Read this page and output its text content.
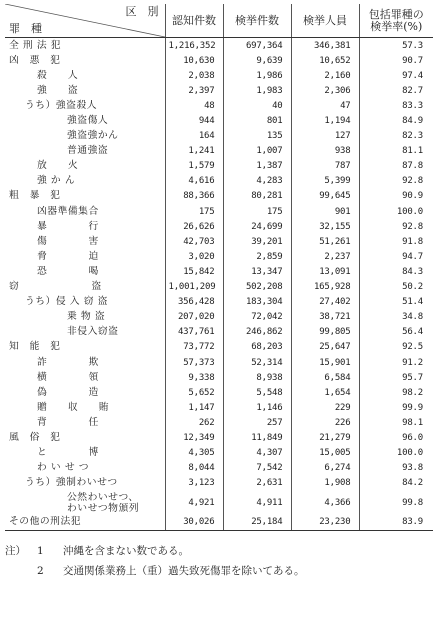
区　別
罪　種	認知件数	検挙件数	検挙人員	包括罪種の
検挙率(%)

全 刑 法 犯	1,216,352	697,364	346,381	57.3

凶　悪　犯	10,630	9,639	10,652	90.7

殺　　人	2,038	1,986	2,160	97.4

強　　盗	2,397	1,983	2,306	82.7

うち）強盗殺人	48	40	47	83.3

強盗傷人	944	801	1,194	84.9

強盗強かん	164	135	127	82.3

普通強盗	1,241	1,007	938	81.1

放　　火	1,579	1,387	787	87.8

強 か ん	4,616	4,283	5,399	92.8

粗　暴　犯	88,366	80,281	99,645	90.9

凶器準備集合	175	175	901	100.0

暴　　　　行	26,626	24,699	32,155	92.8

傷　　　　害	42,703	39,201	51,261	91.8

脅　　　　迫	3,020	2,859	2,237	94.7

恐　　　　喝	15,842	13,347	13,091	84.3

窃　　　　　　　盗	1,001,209	502,208	165,928	50.2

うち）侵 入 窃 盗	356,428	183,304	27,402	51.4

乗 物 盗	207,020	72,042	38,721	34.8

非侵入窃盗	437,761	246,862	99,805	56.4

知　能　犯	73,772	68,203	25,647	92.5

詐　　　　欺	57,373	52,314	15,901	91.2

横　　　　領	9,338	8,938	6,584	95.7

偽　　　　造	5,652	5,548	1,654	98.2

贈　　収　　賄	1,147	1,146	229	99.9

背　　　　任	262	257	226	98.1

風　俗　犯	12,349	11,849	21,279	96.0

と　　　　博	4,305	4,307	15,005	100.0

わ い せ つ	8,044	7,542	6,274	93.8

うち）強制わいせつ	3,123	2,631	1,908	84.2

公然わいせつ、
わいせつ物頒列	4,921	4,911	4,366	99.8

その他の刑法犯	30,026	25,184	23,230	83.9
注）	1	沖縄を含まない数である。
2	交通関係業務上（重）過失致死傷罪を除いてある。
